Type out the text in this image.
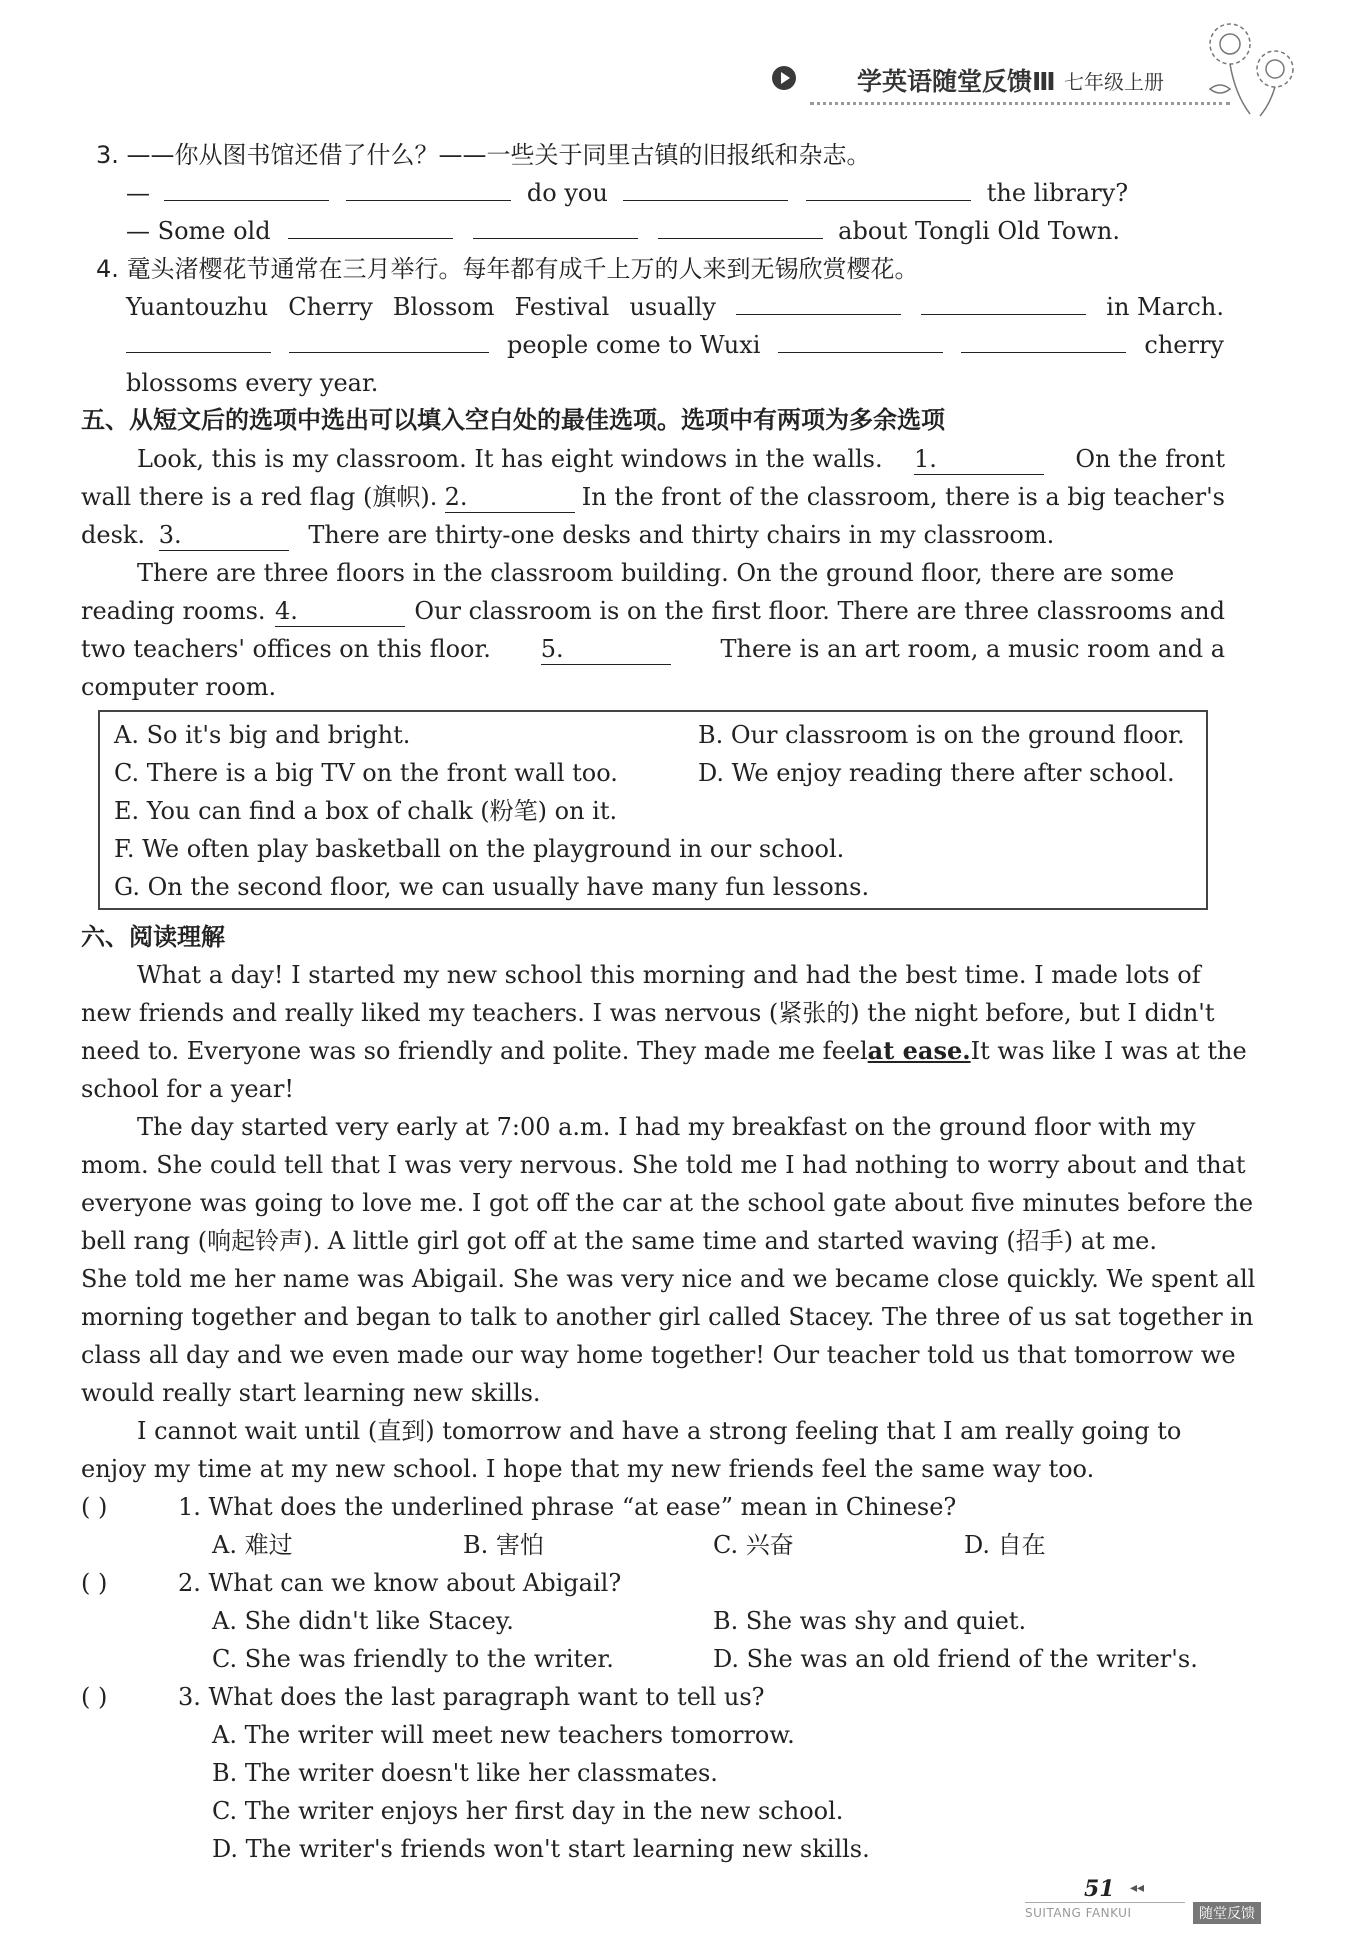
学英语随堂反馈Ⅲ 七年级上册
3. ——你从图书馆还借了什么？——一些关于同里古镇的旧报纸和杂志。
—	do you	the library?
— Some old	about Tongli Old Town.
4. 鼋头渚樱花节通常在三月举行。每年都有成千上万的人来到无锡欣赏樱花。
Yuantouzhu Cherry Blossom Festival usually	in March.
people come to Wuxi	cherry
blossoms every year.
五、从短文后的选项中选出可以填入空白处的最佳选项。选项中有两项为多余选项
Look, this is my classroom. It has eight windows in the walls. 1.	On the front
wall there is a red flag (旗帜). 2.	In the front of the classroom, there is a big teacher's
desk. 3.	There are thirty-one desks and thirty chairs in my classroom.
There are three floors in the classroom building. On the ground floor, there are some
reading rooms. 4.	Our classroom is on the first floor. There are three classrooms and
two teachers' offices on this floor. 5.	There is an art room, a music room and a
computer room.
A. So it's big and bright.	B. Our classroom is on the ground floor.
C. There is a big TV on the front wall too.	D. We enjoy reading there after school.
E. You can find a box of chalk (粉笔) on it.
F. We often play basketball on the playground in our school.
G. On the second floor, we can usually have many fun lessons.
六、阅读理解
What a day! I started my new school this morning and had the best time. I made lots of
new friends and really liked my teachers. I was nervous (紧张的) the night before, but I didn't
need to. Everyone was so friendly and polite. They made me feel at ease. It was like I was at the
school for a year!
The day started very early at 7:00 a.m. I had my breakfast on the ground floor with my
mom. She could tell that I was very nervous. She told me I had nothing to worry about and that
everyone was going to love me. I got off the car at the school gate about five minutes before the
bell rang (响起铃声). A little girl got off at the same time and started waving (招手) at me.
She told me her name was Abigail. She was very nice and we became close quickly. We spent all
morning together and began to talk to another girl called Stacey. The three of us sat together in
class all day and we even made our way home together! Our teacher told us that tomorrow we
would really start learning new skills.
I cannot wait until (直到) tomorrow and have a strong feeling that I am really going to
enjoy my time at my new school. I hope that my new friends feel the same way too.
( )	1. What does the underlined phrase “at ease” mean in Chinese?
A. 难过	B. 害怕	C. 兴奋	D. 自在
( )	2. What can we know about Abigail?
A. She didn't like Stacey.	B. She was shy and quiet.
C. She was friendly to the writer.	D. She was an old friend of the writer's.
( )	3. What does the last paragraph want to tell us?
A. The writer will meet new teachers tomorrow.
B. The writer doesn't like her classmates.
C. The writer enjoys her first day in the new school.
D. The writer's friends won't start learning new skills.
51 ◂◂
SUITANG FANKUI	随堂反馈
